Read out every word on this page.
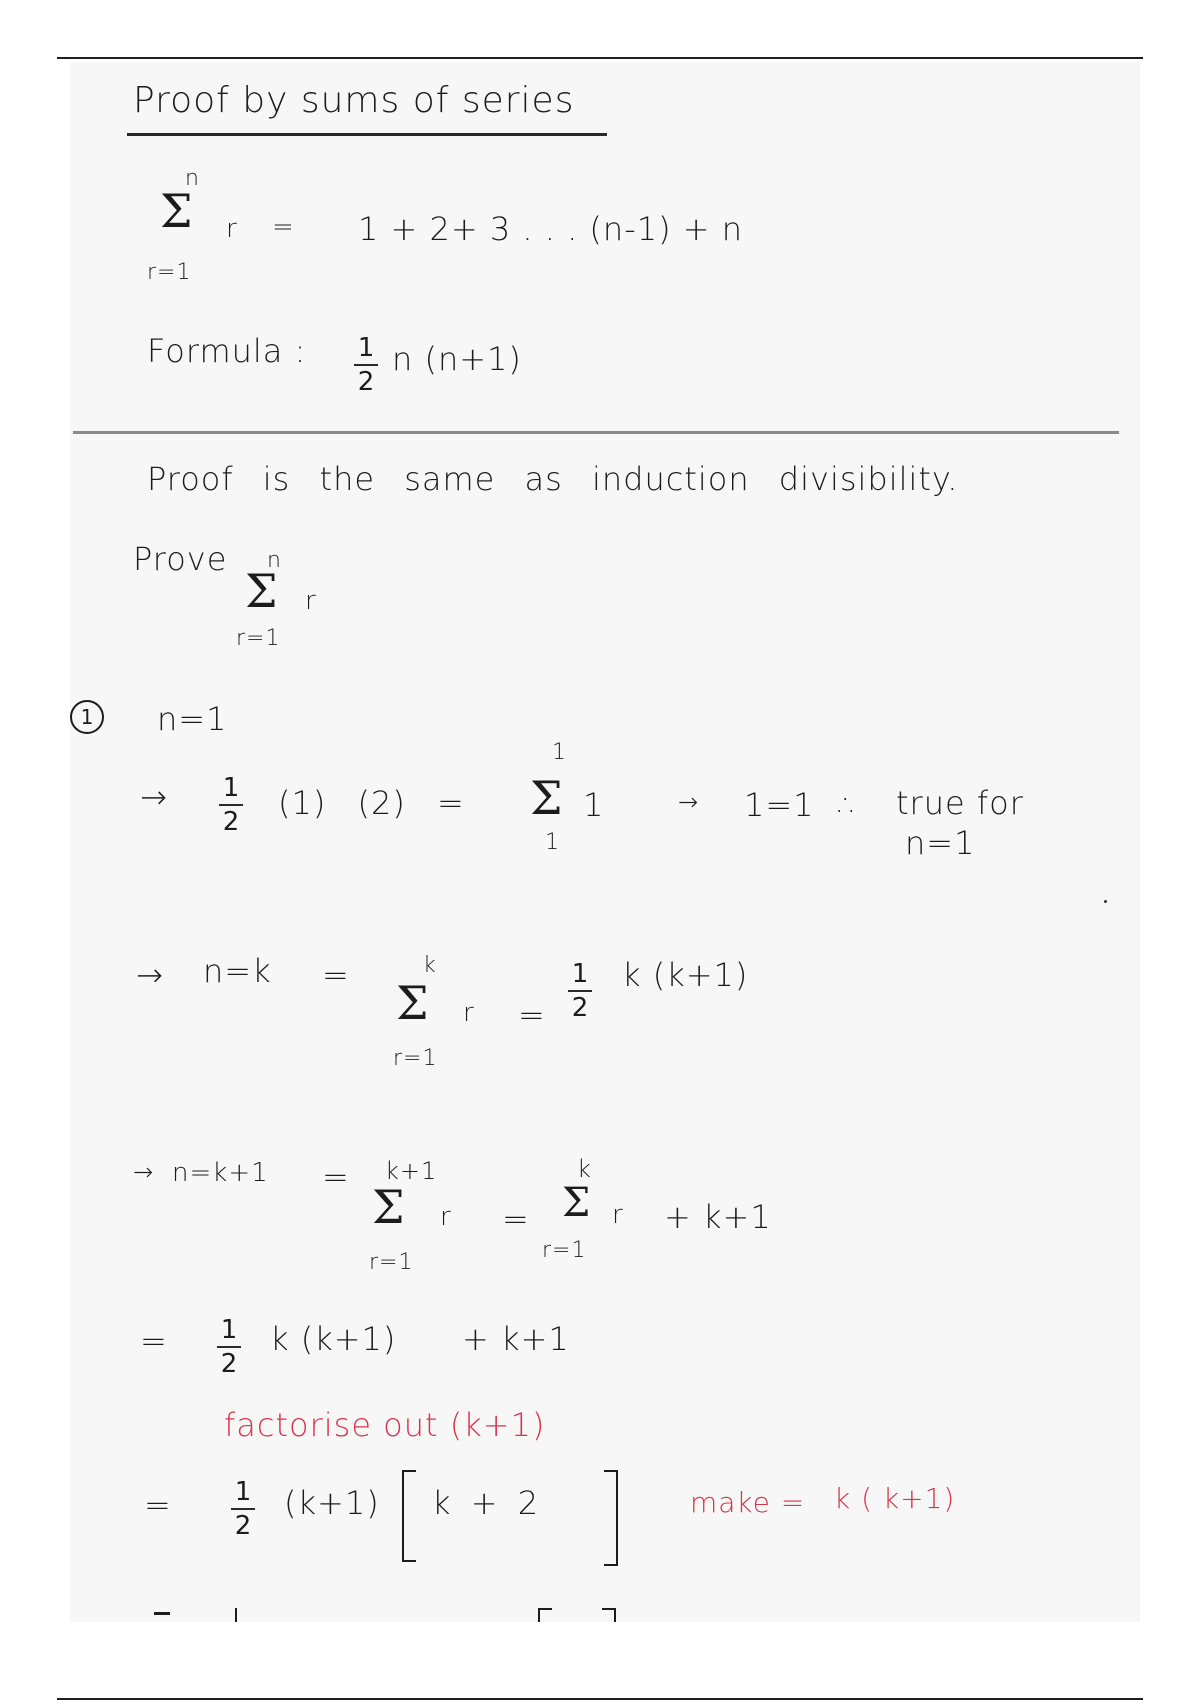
Proof by sums of series
n
Σ
r=1
r = 1 + 2+ 3 . . . (n-1) + n
Formula : 1
2
n (n+1)
Proof is the same as induction divisibility.
Prove n
Σ
r=1
r
1 n=1
→ 1
2 (1) (2) =
1
Σ
1
1	→ 1=1 ∴ true for
n=1
→ n=k =	k
Σ
r=1
r =
1
2
k (k+1)
→ n=k+1 = k+1
Σ
r=1
r =
k
Σ
r=1
r + k+1
= 1
2
k (k+1) + k+1
factorise out (k+1)
= 1
2
(k+1) k + 2	make = k ( k+1)
